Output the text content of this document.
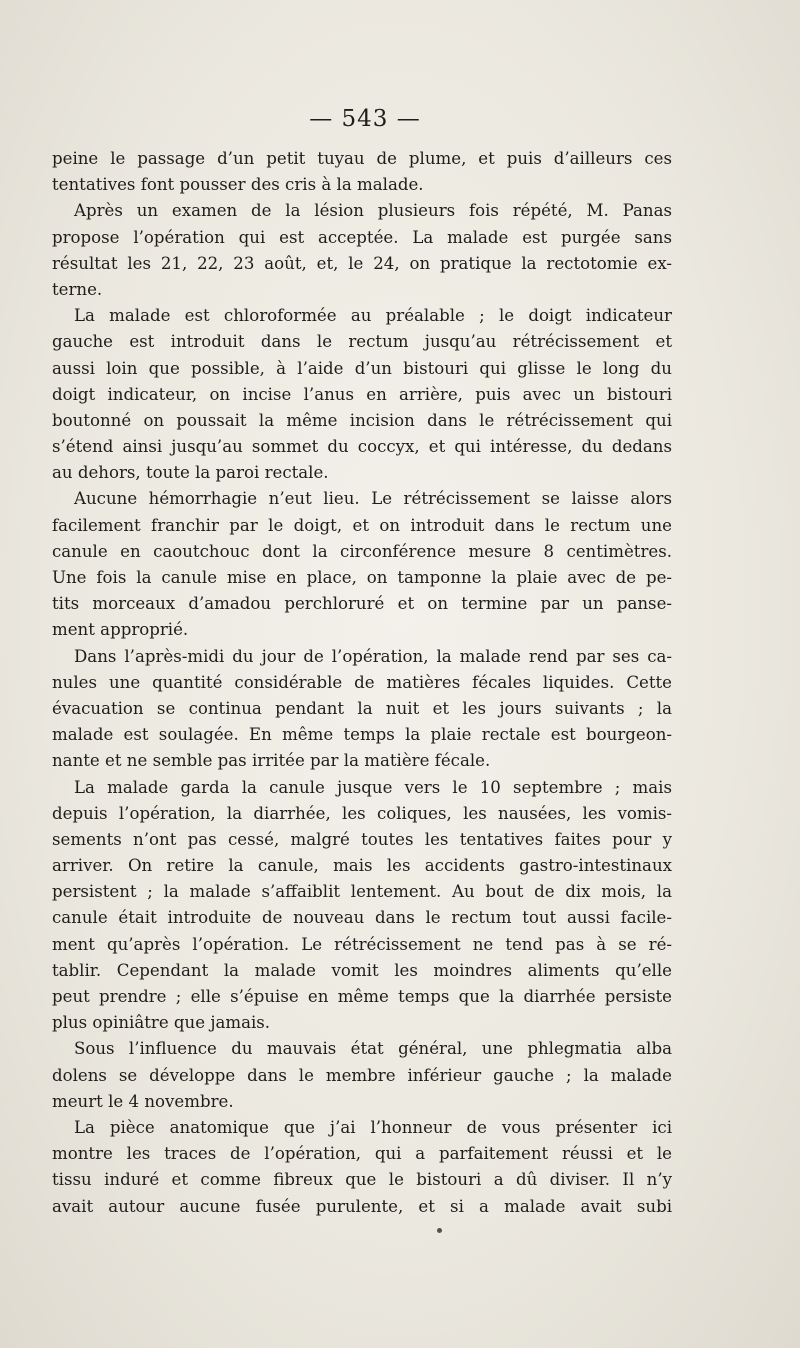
— 543 —
peine le passage d’un petit tuyau de plume, et puis d’ailleurs ces
tentatives font pousser des cris à la malade.
Après un examen de la lésion plusieurs fois répété, M. Panas
propose l’opération qui est acceptée. La malade est purgée sans
résultat les 21, 22, 23 août, et, le 24, on pratique la rectotomie ex-
terne.
La malade est chloroformée au préalable ; le doigt indicateur
gauche est introduit dans le rectum jusqu’au rétrécissement et
aussi loin que possible, à l’aide d’un bistouri qui glisse le long du
doigt indicateur, on incise l’anus en arrière, puis avec un bistouri
boutonné on poussait la même incision dans le rétrécissement qui
s’étend ainsi jusqu’au sommet du coccyx, et qui intéresse, du dedans
au dehors, toute la paroi rectale.
Aucune hémorrhagie n’eut lieu. Le rétrécissement se laisse alors
facilement franchir par le doigt, et on introduit dans le rectum une
canule en caoutchouc dont la circonférence mesure 8 centimètres.
Une fois la canule mise en place, on tamponne la plaie avec de pe-
tits morceaux d’amadou perchloruré et on termine par un panse-
ment approprié.
Dans l’après-midi du jour de l’opération, la malade rend par ses ca-
nules une quantité considérable de matières fécales liquides. Cette
évacuation se continua pendant la nuit et les jours suivants ; la
malade est soulagée. En même temps la plaie rectale est bourgeon-
nante et ne semble pas irritée par la matière fécale.
La malade garda la canule jusque vers le 10 septembre ; mais
depuis l’opération, la diarrhée, les coliques, les nausées, les vomis-
sements n’ont pas cessé, malgré toutes les tentatives faites pour y
arriver. On retire la canule, mais les accidents gastro-intestinaux
persistent ; la malade s’affaiblit lentement. Au bout de dix mois, la
canule était introduite de nouveau dans le rectum tout aussi facile-
ment qu’après l’opération. Le rétrécissement ne tend pas à se ré-
tablir. Cependant la malade vomit les moindres aliments qu’elle
peut prendre ; elle s’épuise en même temps que la diarrhée persiste
plus opiniâtre que jamais.
Sous l’influence du mauvais état général, une phlegmatia alba
dolens se développe dans le membre inférieur gauche ; la malade
meurt le 4 novembre.
La pièce anatomique que j’ai l’honneur de vous présenter ici
montre les traces de l’opération, qui a parfaitement réussi et le
tissu induré et comme fibreux que le bistouri a dû diviser. Il n’y
avait autour aucune fusée purulente, et si a malade avait subi
